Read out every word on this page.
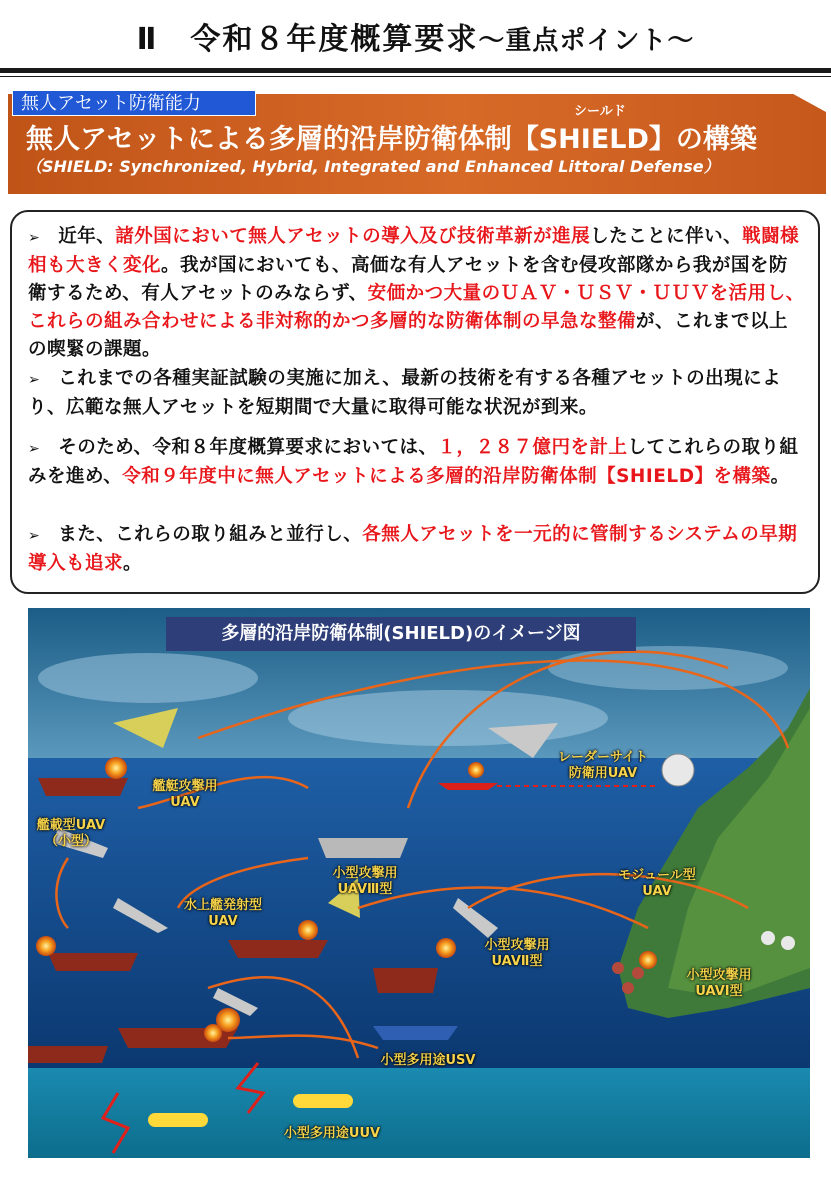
Ⅱ　令和８年度概算要求～重点ポイント～
無人アセット防衛能力	シールド
無人アセットによる多層的沿岸防衛体制【SHIELD】の構築
（SHIELD: Synchronized, Hybrid, Integrated and Enhanced Littoral Defense）
➢ 近年、諸外国において無人アセットの導入及び技術革新が進展したことに伴い、戦闘様相も大きく変化。我が国においても、高価な有人アセットを含む侵攻部隊から我が国を防衛するため、有人アセットのみならず、安価かつ大量のＵＡＶ・ＵＳＶ・ＵＵＶを活用し、これらの組み合わせによる非対称的かつ多層的な防衛体制の早急な整備が、これまで以上の喫緊の課題。
➢ これまでの各種実証試験の実施に加え、最新の技術を有する各種アセットの出現により、広範な無人アセットを短期間で大量に取得可能な状況が到来。
➢ そのため、令和８年度概算要求においては、１，２８７億円を計上してこれらの取り組みを進め、令和９年度中に無人アセットによる多層的沿岸防衛体制【SHIELD】を構築。
➢ また、これらの取り組みと並行し、各無人アセットを一元的に管制するシステムの早期導入も追求。
多層的沿岸防衛体制(SHIELD)のイメージ図
艦艇攻撃用
UAV
艦載型UAV
（小型）
水上艦発射型
UAV
小型攻撃用
UAVⅢ型
小型攻撃用
UAVⅡ型
レーダーサイト
防衛用UAV
モジュール型
UAV
小型攻撃用
UAVⅠ型
小型多用途USV
小型多用途UUV
